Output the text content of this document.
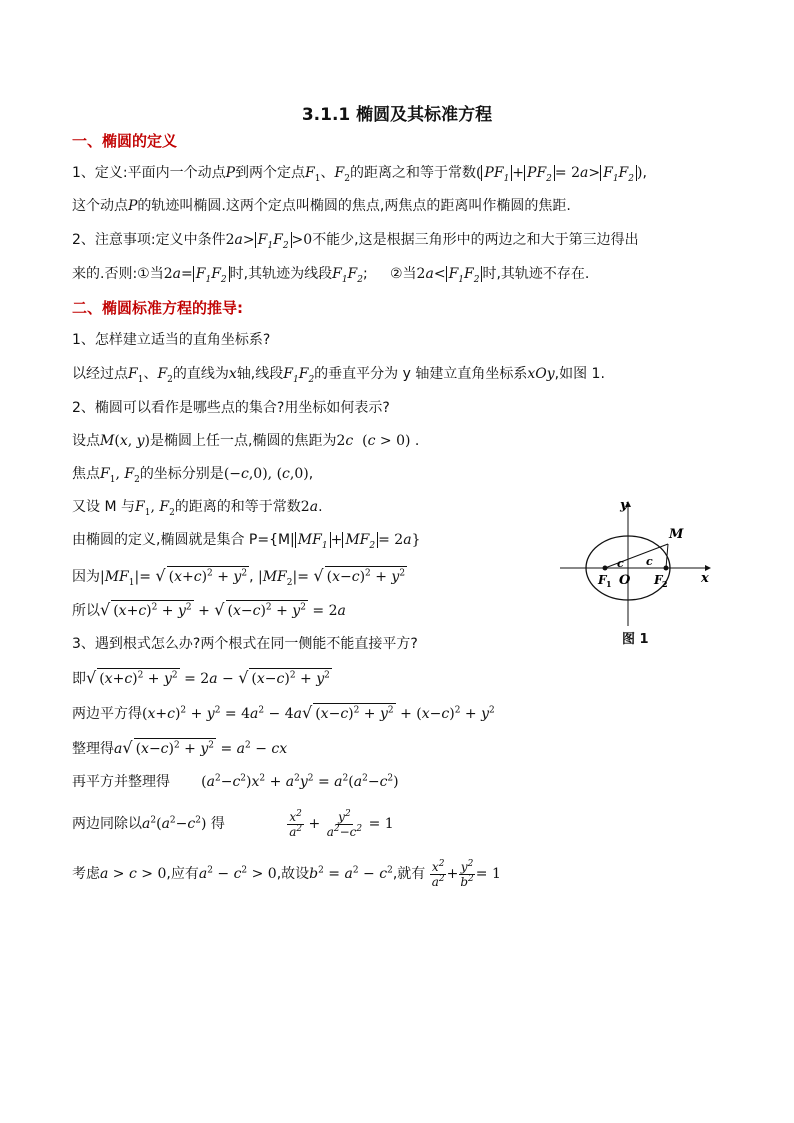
3.1.1 椭圆及其标准方程
一、椭圆的定义
1、定义:平面内一个动点P到两个定点$F_1$、$F_2$的距离之和等于常数( $PF_1 + PF_2 = 2a> F_1F_2$ ),
这个动点P的轨迹叫椭圆.这两个定点叫椭圆的焦点,两焦点的距离叫作椭圆的焦距.
2、注意事项:定义中条件$2a> F_1F_2 >0$不能少,这是根据三角形中的两边之和大于第三边得出
来的.否则:①当$2a= F_1F_2$ 时,其轨迹为线段$F_1F_2$; ②当$2a< F_1F_2$ 时,其轨迹不存在.
二、椭圆标准方程的推导:
1、怎样建立适当的直角坐标系?
以经过点$F_1$、$F_2$的直线为x轴,线段$F_1F_2$的垂直平分为 y 轴建立直角坐标系xOy,如图 1.
2、椭圆可以看作是哪些点的集合?用坐标如何表示?
设点M(x, y)是椭圆上任一点,椭圆的焦距为2c (c > 0) .
焦点$F_1$, $F_2$的坐标分别是(−c,0), (c,0),
又设 M 与$F_1$, $F_2$的距离的和等于常数2a.
由椭圆的定义,椭圆就是集合 P={M| $MF_1 + MF_2 = 2a$}
因为$|MF_1|=$ √ $(x+c)^2 + y^2$ , $|MF_2|=$ √ $(x-c)^2 + y^2$
所以√ $(x+c)^2 + y^2$ + √ $(x-c)^2 + y^2 = 2a$
3、遇到根式怎么办?两个根式在同一侧能不能直接平方?
即√ $(x+c)^2 + y^2 = 2a$ − √ $(x-c)^2 + y^2$
两边平方得$(x+c)^2 + y^2 = 4a^2 - 4a√$ $(x-c)^2 + y^2 + (x-c)^2 + y^2$
整理得a√ $(x-c)^2 + y^2 = a^2$ − cx
再平方并整理得 $(a^2-c^2)x^2 + a^2y^2 = a^2(a^2-c^2)$
两边同除以$a^2(a^2-c^2)$ 得	$\frac{x^2}{a^2} + \frac{y^2}{a^2-c^2} = 1$
考虑a > c > 0,应有$a^2 - c^2 > 0$,故设$b^2 = a^2 - c^2$,就有 $\frac{x^2}{a^2} + \frac{y^2}{b^2} = 1$
y
x
M
F 1 O F 2
c c
图 1
